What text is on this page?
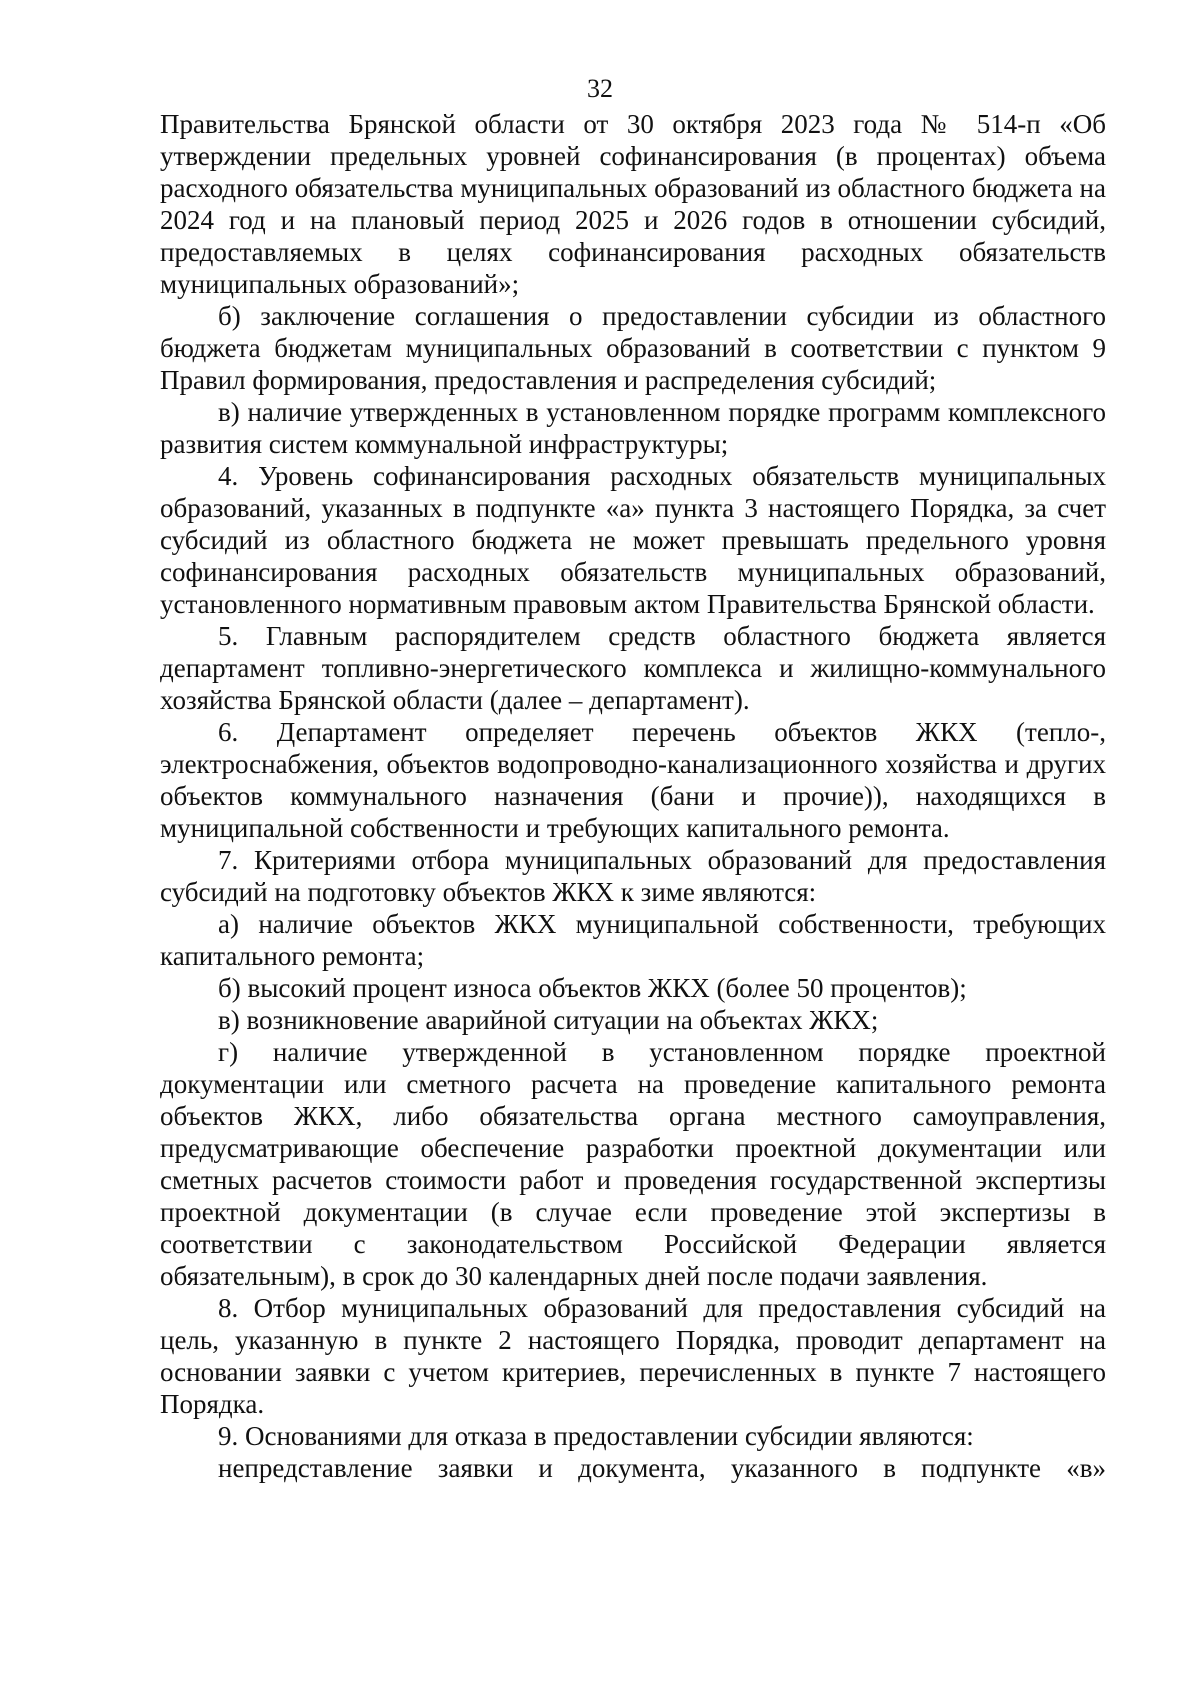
32

Правительства Брянской области от 30 октября 2023 года № 514-п «Об утверждении предельных уровней софинансирования (в процентах) объема расходного обязательства муниципальных образований из областного бюджета на 2024 год и на плановый период 2025 и 2026 годов в отношении субсидий, предоставляемых в целях софинансирования расходных обязательств муниципальных образований»;

б) заключение соглашения о предоставлении субсидии из областного бюджета бюджетам муниципальных образований в соответствии с пунктом 9 Правил формирования, предоставления и распределения субсидий;

в) наличие утвержденных в установленном порядке программ комплексного развития систем коммунальной инфраструктуры;

4. Уровень софинансирования расходных обязательств муниципальных образований, указанных в подпункте «а» пункта 3 настоящего Порядка, за счет субсидий из областного бюджета не может превышать предельного уровня софинансирования расходных обязательств муниципальных образований, установленного нормативным правовым актом Правительства Брянской области.

5. Главным распорядителем средств областного бюджета является департамент топливно-энергетического комплекса и жилищно-коммунального хозяйства Брянской области (далее – департамент).

6. Департамент определяет перечень объектов ЖКХ (тепло-, электроснабжения, объектов водопроводно-канализационного хозяйства и других объектов коммунального назначения (бани и прочие)), находящихся в муниципальной собственности и требующих капитального ремонта.

7. Критериями отбора муниципальных образований для предоставления субсидий на подготовку объектов ЖКХ к зиме являются:

а) наличие объектов ЖКХ муниципальной собственности, требующих капитального ремонта;

б) высокий процент износа объектов ЖКХ (более 50 процентов);

в) возникновение аварийной ситуации на объектах ЖКХ;

г) наличие утвержденной в установленном порядке проектной документации или сметного расчета на проведение капитального ремонта объектов ЖКХ, либо обязательства органа местного самоуправления, предусматривающие обеспечение разработки проектной документации или сметных расчетов стоимости работ и проведения государственной экспертизы проектной документации (в случае если проведение этой экспертизы в соответствии с законодательством Российской Федерации является обязательным), в срок до 30 календарных дней после подачи заявления.

8. Отбор муниципальных образований для предоставления субсидий на цель, указанную в пункте 2 настоящего Порядка, проводит департамент на основании заявки с учетом критериев, перечисленных в пункте 7 настоящего Порядка.

9. Основаниями для отказа в предоставлении субсидии являются:

непредставление заявки и документа, указанного в подпункте «в»
